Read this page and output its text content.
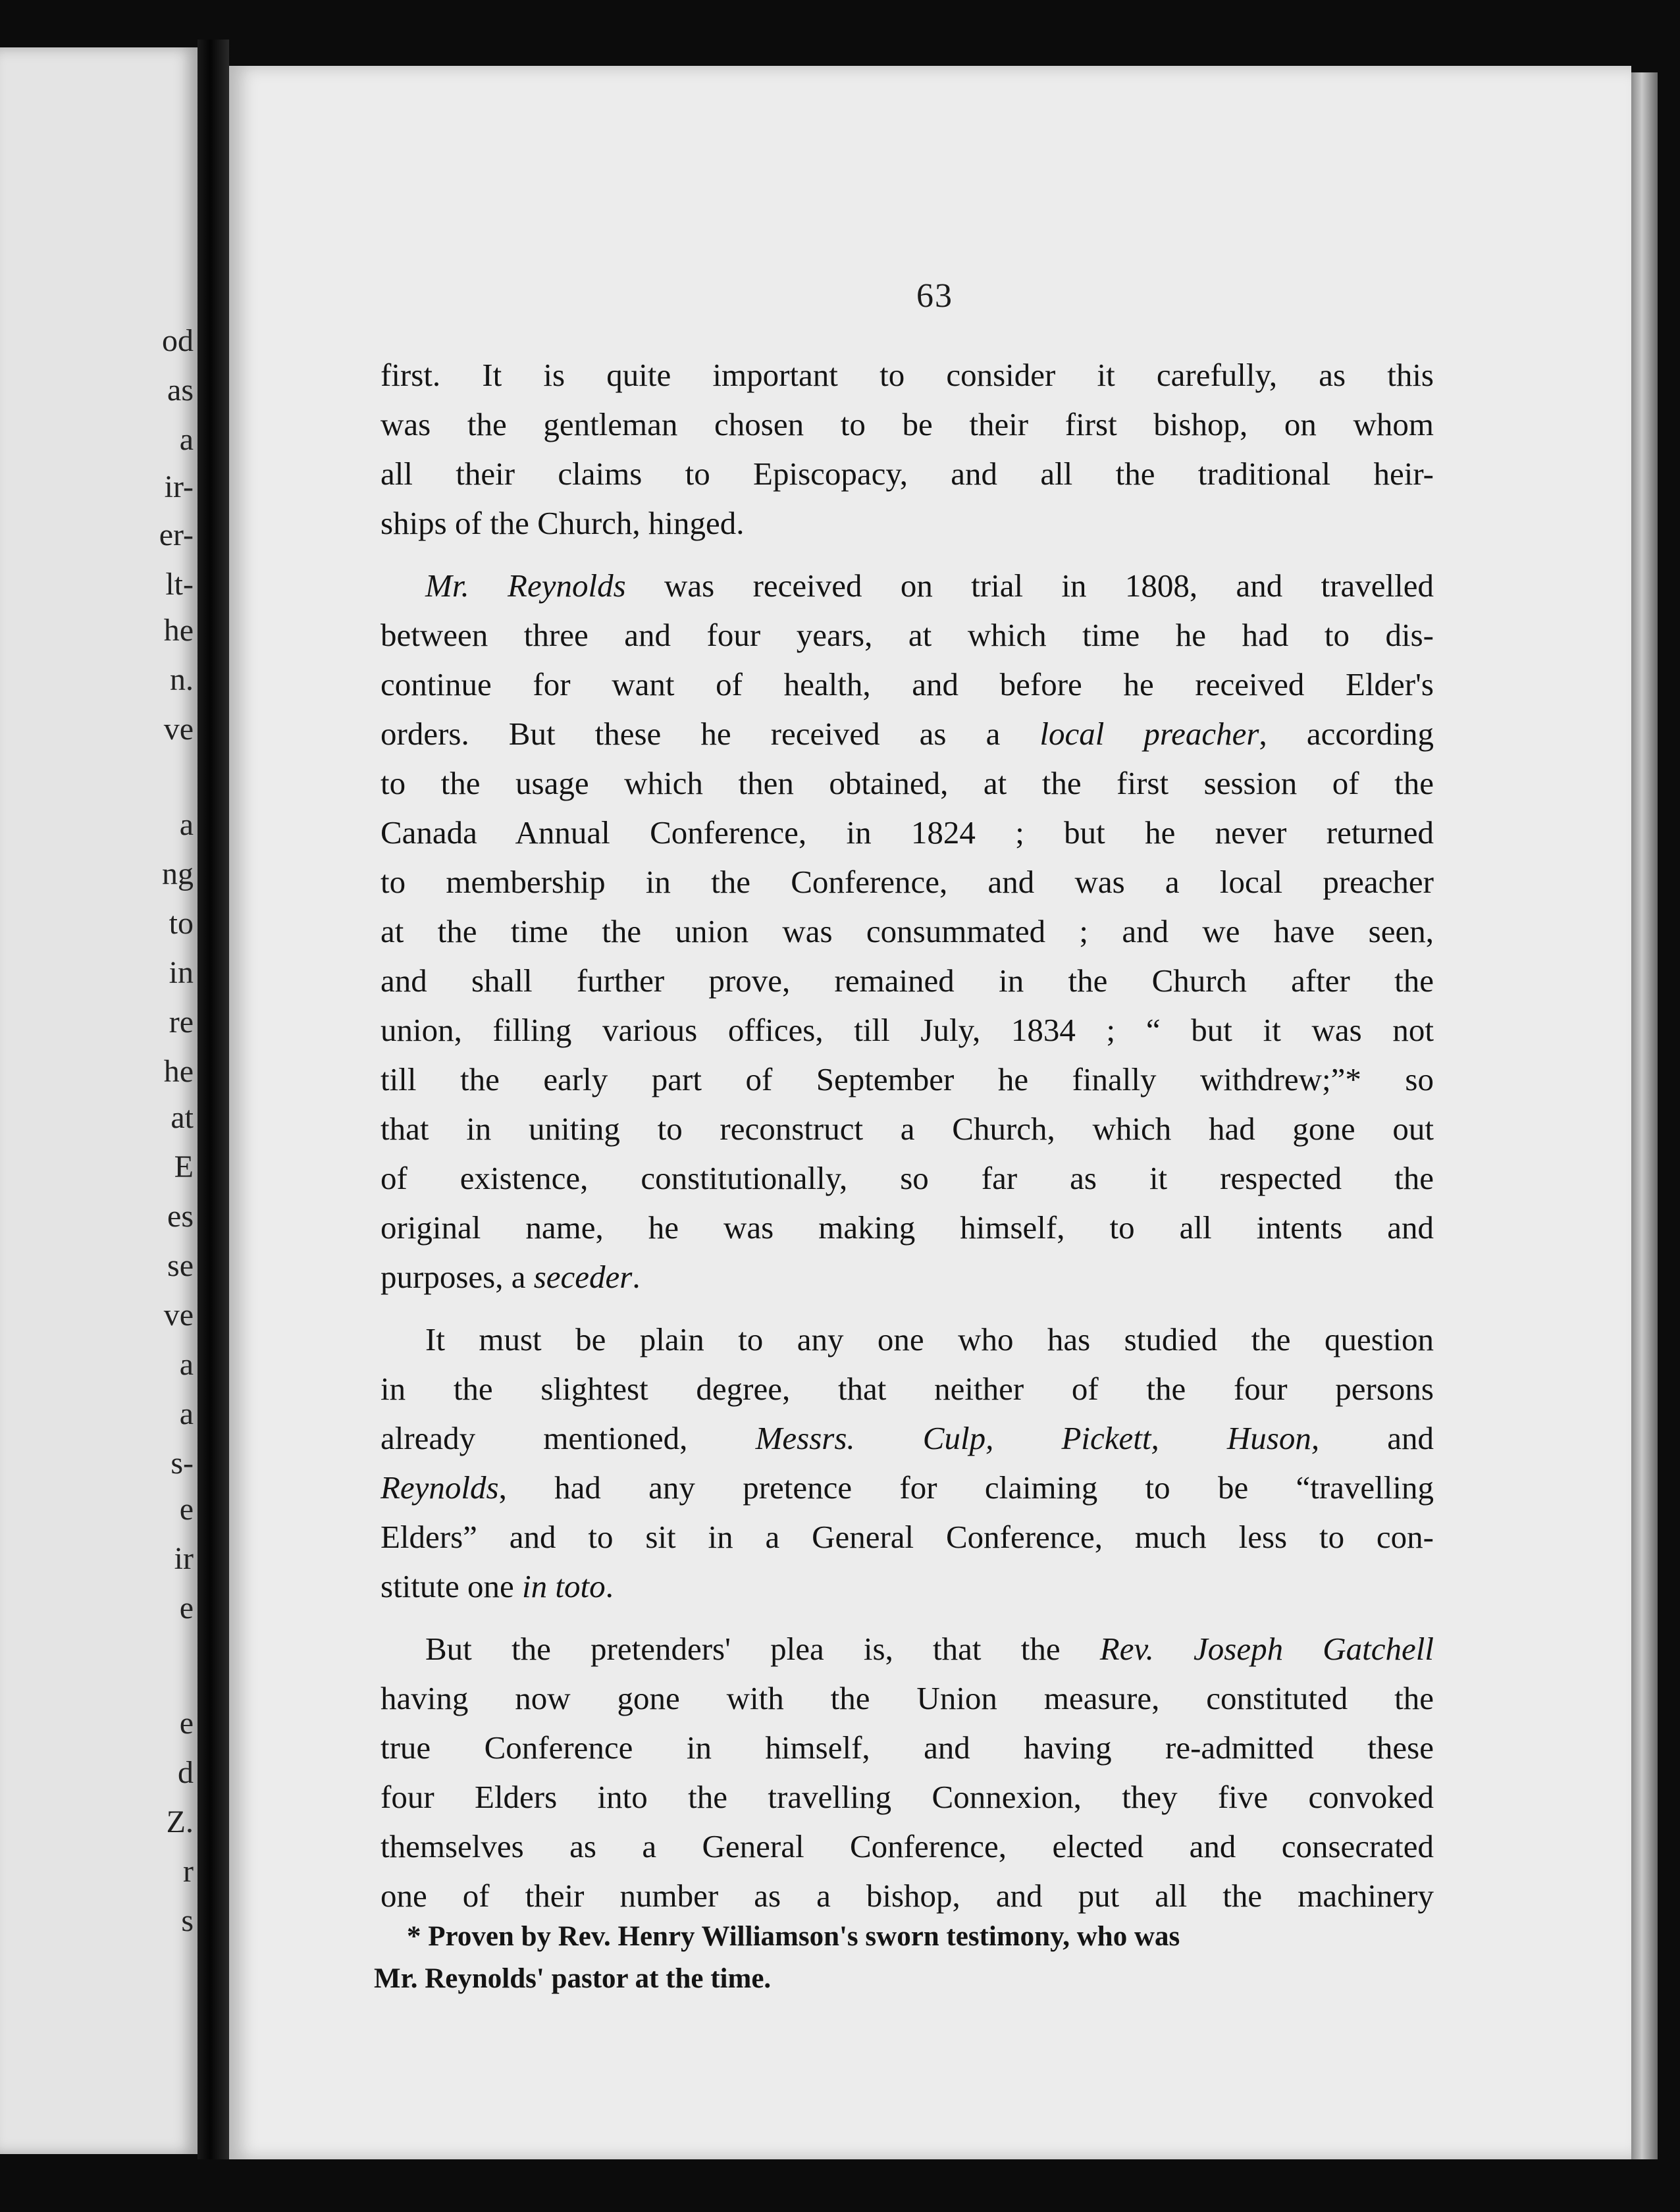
od
as
a
ir-
er-
lt-
he
n.
ve
a
ng
to
in
re
he
at
E
es
se
ve
a
a
s-
e
ir
e
e
d
Z.
r
s
63
first. It is quite important to consider it carefully, as this
was the gentleman chosen to be their first bishop, on whom
all their claims to Episcopacy, and all the traditional heir-
ships of the Church, hinged.
Mr. Reynolds was received on trial in 1808, and travelled
between three and four years, at which time he had to dis-
continue for want of health, and before he received Elder's
orders. But these he received as a local preacher, according
to the usage which then obtained, at the first session of the
Canada Annual Conference, in 1824 ; but he never returned
to membership in the Conference, and was a local preacher
at the time the union was consummated ; and we have seen,
and shall further prove, remained in the Church after the
union, filling various offices, till July, 1834 ; “ but it was not
till the early part of September he finally withdrew;”* so
that in uniting to reconstruct a Church, which had gone out
of existence, constitutionally, so far as it respected the
original name, he was making himself, to all intents and
purposes, a seceder.
It must be plain to any one who has studied the question
in the slightest degree, that neither of the four persons
already mentioned, Messrs. Culp, Pickett, Huson, and
Reynolds, had any pretence for claiming to be “travelling
Elders” and to sit in a General Conference, much less to con-
stitute one in toto.
But the pretenders' plea is, that the Rev. Joseph Gatchell
having now gone with the Union measure, constituted the
true Conference in himself, and having re-admitted these
four Elders into the travelling Connexion, they five convoked
themselves as a General Conference, elected and consecrated
one of their number as a bishop, and put all the machinery
* Proven by Rev. Henry Williamson's sworn testimony, who was
Mr. Reynolds' pastor at the time.
